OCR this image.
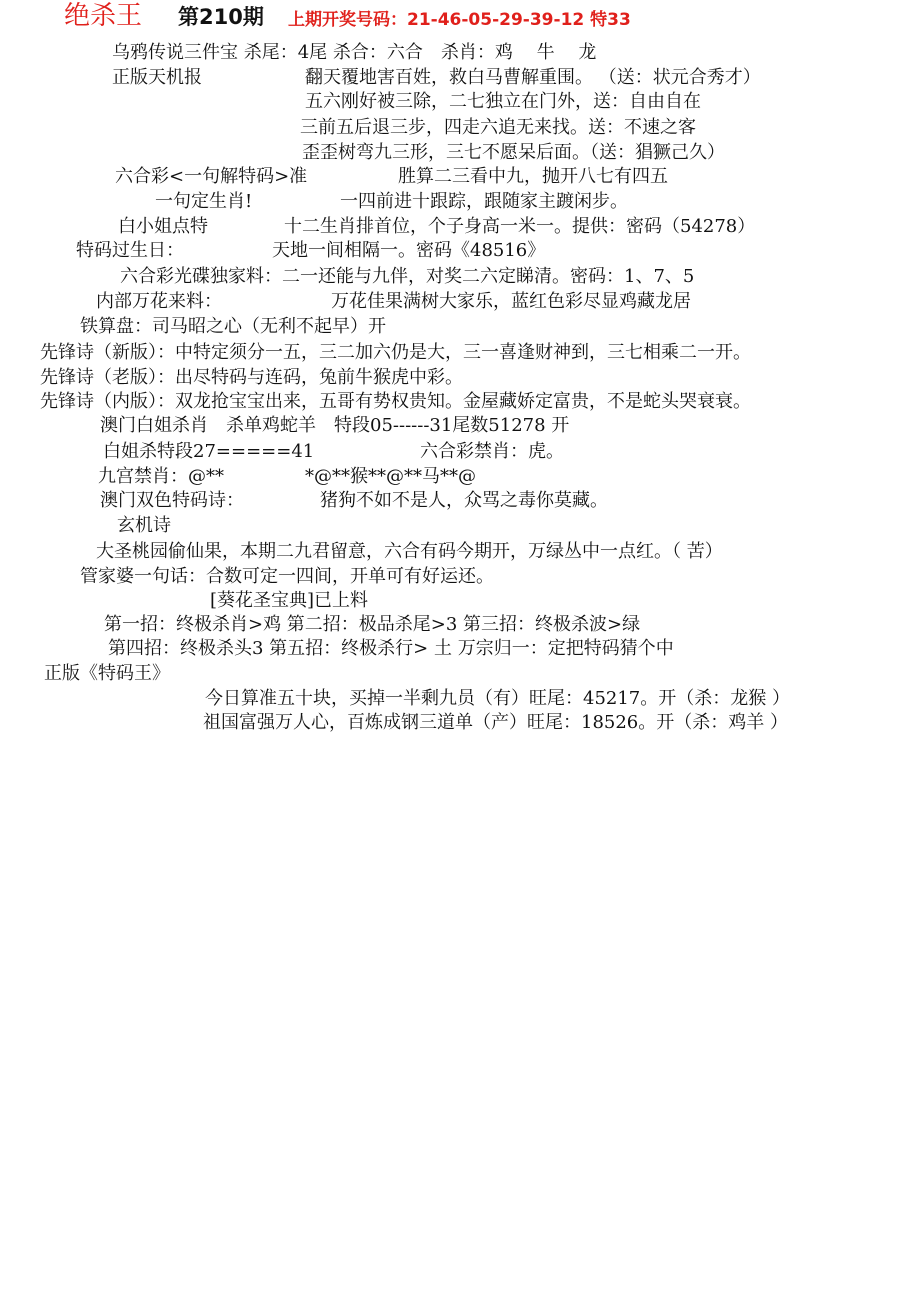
绝杀王 第210期 上期开奖号码：21-46-05-29-39-12 特33
乌鸦传说三件宝 杀尾：4尾 杀合：六合　杀肖：鸡　 牛　 龙
正版天机报	翻天覆地害百姓，救白马曹解重围。 （送：状元合秀才）
五六刚好被三除，二七独立在门外，送：自由自在
三前五后退三步，四走六追无来找。送：不速之客
歪歪树弯九三形，三七不愿呆后面。（送：猖獗己久）
六合彩<一句解特码>准	胜算二三看中九，抛开八七有四五
一句定生肖!	一四前进十跟踪，跟随家主踱闲步。
白小姐点特	十二生肖排首位，个子身高一米一。提供：密码（54278）
特码过生日：	天地一间相隔一。密码《48516》
六合彩光碟独家料：二一还能与九伴，对奖二六定睇清。密码：1、7、5
内部万花来料：	万花佳果满树大家乐，蓝红色彩尽显鸡藏龙居
铁算盘：司马昭之心（无利不起早）开
先锋诗（新版）：中特定须分一五，三二加六仍是大，三一喜逢财神到，三七相乘二一开。
先锋诗（老版）：出尽特码与连码，兔前牛猴虎中彩。
先锋诗（内版）：双龙抢宝宝出来，五哥有势权贵知。金屋藏娇定富贵，不是蛇头哭衰衰。
澳门白姐杀肖　杀单鸡蛇羊　特段05------31尾数51278 开
白姐杀特段27=====41	六合彩禁肖：虎。
九宫禁肖：@**	*@**猴**@**马**@
澳门双色特码诗：	猪狗不如不是人，众骂之毒你莫藏。
玄机诗
大圣桃园偷仙果，本期二九君留意，六合有码今期开，万绿丛中一点红。（ 苦）
管家婆一句话：合数可定一四间，开单可有好运还。
[葵花圣宝典]已上料
第一招：终极杀肖>鸡 第二招：极品杀尾>3 第三招：终极杀波>绿
第四招：终极杀头3 第五招：终极杀行> 土 万宗归一：定把特码猜个中
正版《特码王》
今日算准五十块，买掉一半剩九员（有）旺尾：45217。开（杀：龙猴 ）
祖国富强万人心，百炼成钢三道单（产）旺尾：18526。开（杀：鸡羊 ）
